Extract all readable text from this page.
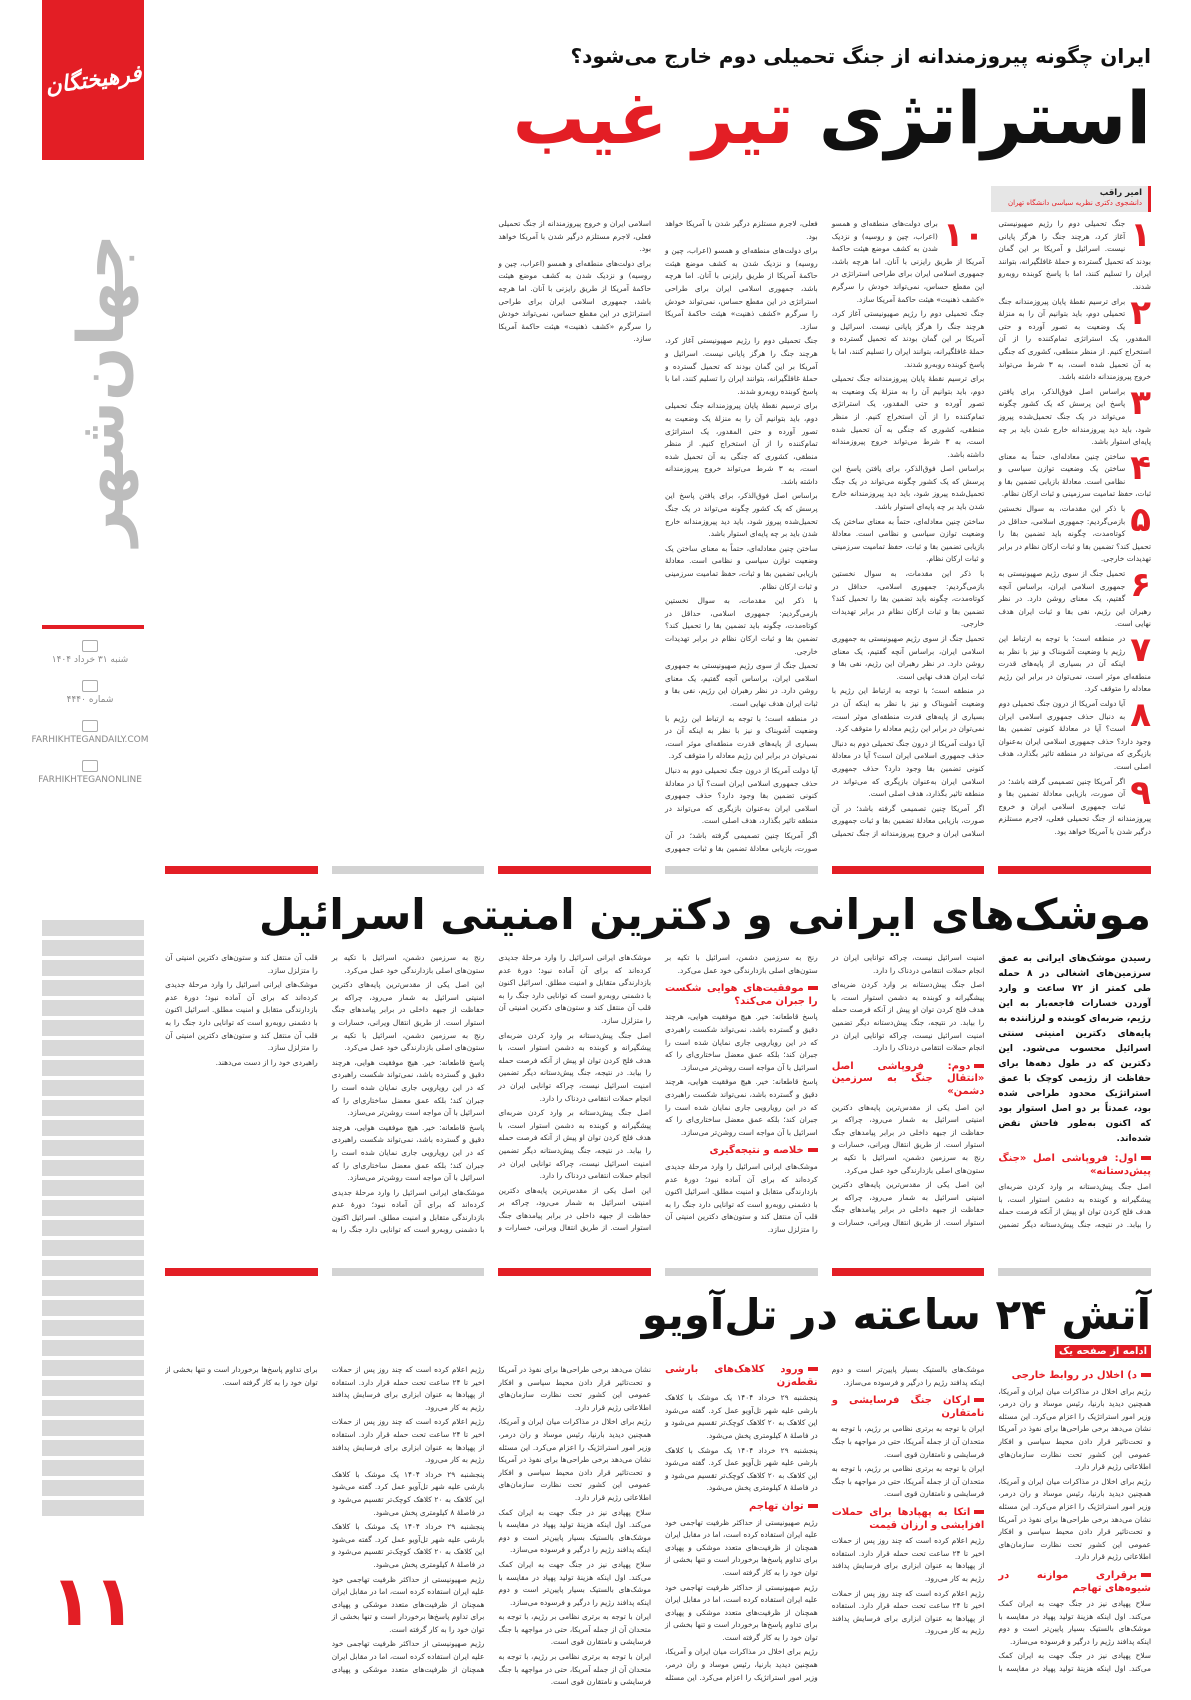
فرهیختگان
جهان‌شهر
شنبه ۳۱ خرداد ۱۴۰۴
شماره ۴۴۴۰
FARHIKHTEGANDAILY.COM
FARHIKHTEGANONLINE
۱۱
ایران چگونه پیروزمندانه از جنگ تحمیلی دوم خارج می‌شود؟
استراتژی تیر غیب
امیر راقب
دانشجوی دکتری نظریه سیاسی دانشگاه تهران

۱
جنگ تحمیلی دوم را رژیم صهیونیستی آغاز کرد، هرچند جنگ را هرگز پایانی نیست. اسرائیل و آمریکا بر این گمان بودند که تحمیل گسترده و حملهٔ غافلگیرانه، بتوانند ایران را تسلیم کنند، اما با پاسخ کوبنده روبه‌رو شدند.

۲
برای ترسیم نقطهٔ پایان پیروزمندانه جنگ تحمیلی دوم، باید بتوانیم آن را به منزلهٔ یک وضعیت به تصور آورده و حتی المقدور، یک استراتژی تمام‌کننده را از آن استخراج کنیم. از منظر منطقی، کشوری که جنگی به آن تحمیل شده است، به ۳ شرط می‌تواند خروج پیروزمندانه داشته باشد.

۳
براساس اصل فوق‌الذکر، برای یافتن پاسخ این پرسش که یک کشور چگونه می‌تواند در یک جنگ تحمیل‌شده پیروز شود، باید دید پیروزمندانه خارج شدن باید بر چه پایه‌ای استوار باشد.

۴
ساختن چنین معادله‌ای، حتماً به معنای ساختن یک وضعیت توازن سیاسی و نظامی است. معادلهٔ بازیابی تضمین بقا و ثبات، حفظ تمامیت سرزمینی و ثبات ارکان نظام.

۵
با ذکر این مقدمات، به سوال نخستین بازمی‌گردیم: جمهوری اسلامی، حداقل در کوتاه‌مدت، چگونه باید تضمین بقا را تحمیل کند؟ تضمین بقا و ثبات ارکان نظام در برابر تهدیدات خارجی.

۶
تحمیل جنگ از سوی رژیم صهیونیستی به جمهوری اسلامی ایران، براساس آنچه گفتیم، یک معنای روشن دارد. در نظر رهبران این رژیم، نفی بقا و ثبات ایران هدف نهایی است.

۷
در منطقه است؛ با توجه به ارتباط این رژیم با وضعیت آشوبناک و نیز با نظر به اینکه آن در بسیاری از پایه‌های قدرت منطقه‌ای موثر است، نمی‌توان در برابر این رژیم معادله را متوقف کرد.

۸
آیا دولت آمریکا از درون جنگ تحمیلی دوم به دنبال حذف جمهوری اسلامی ایران است؟ آیا در معادلهٔ کنونی تضمین بقا وجود دارد؟ حذف جمهوری اسلامی ایران به‌عنوان بازیگری که می‌تواند در منطقه تاثیر بگذارد، هدف اصلی است.

۹
اگر آمریکا چنین تصمیمی گرفته باشد؛ در آن صورت، بازیابی معادلهٔ تضمین بقا و ثبات جمهوری اسلامی ایران و خروج پیروزمندانه از جنگ تحمیلی فعلی، لاجرم مستلزم درگیر شدن با آمریکا خواهد بود.

۱۰
برای دولت‌های منطقه‌ای و همسو (اعراب، چین و روسیه) و نزدیک شدن به کشف موضع هیئت حاکمهٔ آمریکا از طریق رایزنی با آنان. اما هرچه باشد، جمهوری اسلامی ایران برای طراحی استراتژی در این مقطع حساس، نمی‌تواند خودش را سرگرم «کشف ذهنیت» هیئت حاکمهٔ آمریکا سازد.

جنگ تحمیلی دوم را رژیم صهیونیستی آغاز کرد، هرچند جنگ را هرگز پایانی نیست. اسرائیل و آمریکا بر این گمان بودند که تحمیل گسترده و حملهٔ غافلگیرانه، بتوانند ایران را تسلیم کنند، اما با پاسخ کوبنده روبه‌رو شدند.

برای ترسیم نقطهٔ پایان پیروزمندانه جنگ تحمیلی دوم، باید بتوانیم آن را به منزلهٔ یک وضعیت به تصور آورده و حتی المقدور، یک استراتژی تمام‌کننده را از آن استخراج کنیم. از منظر منطقی، کشوری که جنگی به آن تحمیل شده است، به ۳ شرط می‌تواند خروج پیروزمندانه داشته باشد.

براساس اصل فوق‌الذکر، برای یافتن پاسخ این پرسش که یک کشور چگونه می‌تواند در یک جنگ تحمیل‌شده پیروز شود، باید دید پیروزمندانه خارج شدن باید بر چه پایه‌ای استوار باشد.

ساختن چنین معادله‌ای، حتماً به معنای ساختن یک وضعیت توازن سیاسی و نظامی است. معادلهٔ بازیابی تضمین بقا و ثبات، حفظ تمامیت سرزمینی و ثبات ارکان نظام.

با ذکر این مقدمات، به سوال نخستین بازمی‌گردیم: جمهوری اسلامی، حداقل در کوتاه‌مدت، چگونه باید تضمین بقا را تحمیل کند؟ تضمین بقا و ثبات ارکان نظام در برابر تهدیدات خارجی.

تحمیل جنگ از سوی رژیم صهیونیستی به جمهوری اسلامی ایران، براساس آنچه گفتیم، یک معنای روشن دارد. در نظر رهبران این رژیم، نفی بقا و ثبات ایران هدف نهایی است.

در منطقه است؛ با توجه به ارتباط این رژیم با وضعیت آشوبناک و نیز با نظر به اینکه آن در بسیاری از پایه‌های قدرت منطقه‌ای موثر است، نمی‌توان در برابر این رژیم معادله را متوقف کرد.

آیا دولت آمریکا از درون جنگ تحمیلی دوم به دنبال حذف جمهوری اسلامی ایران است؟ آیا در معادلهٔ کنونی تضمین بقا وجود دارد؟ حذف جمهوری اسلامی ایران به‌عنوان بازیگری که می‌تواند در منطقه تاثیر بگذارد، هدف اصلی است.

اگر آمریکا چنین تصمیمی گرفته باشد؛ در آن صورت، بازیابی معادلهٔ تضمین بقا و ثبات جمهوری اسلامی ایران و خروج پیروزمندانه از جنگ تحمیلی فعلی، لاجرم مستلزم درگیر شدن با آمریکا خواهد بود.

برای دولت‌های منطقه‌ای و همسو (اعراب، چین و روسیه) و نزدیک شدن به کشف موضع هیئت حاکمهٔ آمریکا از طریق رایزنی با آنان. اما هرچه باشد، جمهوری اسلامی ایران برای طراحی استراتژی در این مقطع حساس، نمی‌تواند خودش را سرگرم «کشف ذهنیت» هیئت حاکمهٔ آمریکا سازد.

جنگ تحمیلی دوم را رژیم صهیونیستی آغاز کرد، هرچند جنگ را هرگز پایانی نیست. اسرائیل و آمریکا بر این گمان بودند که تحمیل گسترده و حملهٔ غافلگیرانه، بتوانند ایران را تسلیم کنند، اما با پاسخ کوبنده روبه‌رو شدند.

برای ترسیم نقطهٔ پایان پیروزمندانه جنگ تحمیلی دوم، باید بتوانیم آن را به منزلهٔ یک وضعیت به تصور آورده و حتی المقدور، یک استراتژی تمام‌کننده را از آن استخراج کنیم. از منظر منطقی، کشوری که جنگی به آن تحمیل شده است، به ۳ شرط می‌تواند خروج پیروزمندانه داشته باشد.

براساس اصل فوق‌الذکر، برای یافتن پاسخ این پرسش که یک کشور چگونه می‌تواند در یک جنگ تحمیل‌شده پیروز شود، باید دید پیروزمندانه خارج شدن باید بر چه پایه‌ای استوار باشد.

ساختن چنین معادله‌ای، حتماً به معنای ساختن یک وضعیت توازن سیاسی و نظامی است. معادلهٔ بازیابی تضمین بقا و ثبات، حفظ تمامیت سرزمینی و ثبات ارکان نظام.

با ذکر این مقدمات، به سوال نخستین بازمی‌گردیم: جمهوری اسلامی، حداقل در کوتاه‌مدت، چگونه باید تضمین بقا را تحمیل کند؟ تضمین بقا و ثبات ارکان نظام در برابر تهدیدات خارجی.

تحمیل جنگ از سوی رژیم صهیونیستی به جمهوری اسلامی ایران، براساس آنچه گفتیم، یک معنای روشن دارد. در نظر رهبران این رژیم، نفی بقا و ثبات ایران هدف نهایی است.

در منطقه است؛ با توجه به ارتباط این رژیم با وضعیت آشوبناک و نیز با نظر به اینکه آن در بسیاری از پایه‌های قدرت منطقه‌ای موثر است، نمی‌توان در برابر این رژیم معادله را متوقف کرد.

آیا دولت آمریکا از درون جنگ تحمیلی دوم به دنبال حذف جمهوری اسلامی ایران است؟ آیا در معادلهٔ کنونی تضمین بقا وجود دارد؟ حذف جمهوری اسلامی ایران به‌عنوان بازیگری که می‌تواند در منطقه تاثیر بگذارد، هدف اصلی است.

اگر آمریکا چنین تصمیمی گرفته باشد؛ در آن صورت، بازیابی معادلهٔ تضمین بقا و ثبات جمهوری اسلامی ایران و خروج پیروزمندانه از جنگ تحمیلی فعلی، لاجرم مستلزم درگیر شدن با آمریکا خواهد بود.

برای دولت‌های منطقه‌ای و همسو (اعراب، چین و روسیه) و نزدیک شدن به کشف موضع هیئت حاکمهٔ آمریکا از طریق رایزنی با آنان. اما هرچه باشد، جمهوری اسلامی ایران برای طراحی استراتژی در این مقطع حساس، نمی‌تواند خودش را سرگرم «کشف ذهنیت» هیئت حاکمهٔ آمریکا سازد.

موشک‌های ایرانی و دکترین امنیتی اسرائیل

رسیدن موشک‌های ایرانی به عمق سرزمین‌های اشغالی در ۸ حمله طی کمتر از ۷۲ ساعت و وارد آوردن خسارات فاجعه‌بار به این رژیم، ضربه‌ای کوبنده و لرزاننده به پایه‌های دکترین امنیتی سنتی اسرائیل محسوب می‌شود. این دکترین که در طول دهه‌ها برای حفاظت از رژیمی کوچک با عمق استراتژیک محدود طراحی شده بود، عمدتاً بر دو اصل استوار بود که اکنون به‌طور فاحش نقض شده‌اند.

اول: فروپاشی اصل «جنگ پیش‌دستانه»

اصل جنگ پیش‌دستانه بر وارد کردن ضربه‌ای پیشگیرانه و کوبنده به دشمن استوار است، با هدف فلج کردن توان او پیش از آنکه فرصت حمله را بیابد. در نتیجه، جنگ پیش‌دستانه دیگر تضمین امنیت اسرائیل نیست، چراکه توانایی ایران در انجام حملات انتقامی دردناک را دارد.

اصل جنگ پیش‌دستانه بر وارد کردن ضربه‌ای پیشگیرانه و کوبنده به دشمن استوار است، با هدف فلج کردن توان او پیش از آنکه فرصت حمله را بیابد. در نتیجه، جنگ پیش‌دستانه دیگر تضمین امنیت اسرائیل نیست، چراکه توانایی ایران در انجام حملات انتقامی دردناک را دارد.

دوم: فروپاشی اصل «انتقال جنگ به سرزمین دشمن»

این اصل یکی از مقدس‌ترین پایه‌های دکترین امنیتی اسرائیل به شمار می‌رود، چراکه بر حفاظت از جبهه داخلی در برابر پیامدهای جنگ استوار است. از طریق انتقال ویرانی، خسارات و رنج به سرزمین دشمن، اسرائیل با تکیه بر ستون‌های اصلی بازدارندگی خود عمل می‌کرد.

این اصل یکی از مقدس‌ترین پایه‌های دکترین امنیتی اسرائیل به شمار می‌رود، چراکه بر حفاظت از جبهه داخلی در برابر پیامدهای جنگ استوار است. از طریق انتقال ویرانی، خسارات و رنج به سرزمین دشمن، اسرائیل با تکیه بر ستون‌های اصلی بازدارندگی خود عمل می‌کرد.

موفقیت‌های هوایی شکست را جبران می‌کند؟

پاسخ قاطعانه: خیر. هیچ موفقیت هوایی، هرچند دقیق و گسترده باشد، نمی‌تواند شکست راهبردی که در این رویارویی جاری نمایان شده است را جبران کند؛ بلکه عمق معضل ساختاری‌ای را که اسرائیل با آن مواجه است روشن‌تر می‌سازد.

پاسخ قاطعانه: خیر. هیچ موفقیت هوایی، هرچند دقیق و گسترده باشد، نمی‌تواند شکست راهبردی که در این رویارویی جاری نمایان شده است را جبران کند؛ بلکه عمق معضل ساختاری‌ای را که اسرائیل با آن مواجه است روشن‌تر می‌سازد.

خلاصه و نتیجه‌گیری

موشک‌های ایرانی اسرائیل را وارد مرحلهٔ جدیدی کرده‌اند که برای آن آماده نبود؛ دورهٔ عدم بازدارندگی متقابل و امنیت مطلق. اسرائیل اکنون با دشمنی روبه‌رو است که توانایی دارد جنگ را به قلب آن منتقل کند و ستون‌های دکترین امنیتی آن را متزلزل سازد.

موشک‌های ایرانی اسرائیل را وارد مرحلهٔ جدیدی کرده‌اند که برای آن آماده نبود؛ دورهٔ عدم بازدارندگی متقابل و امنیت مطلق. اسرائیل اکنون با دشمنی روبه‌رو است که توانایی دارد جنگ را به قلب آن منتقل کند و ستون‌های دکترین امنیتی آن را متزلزل سازد.

اصل جنگ پیش‌دستانه بر وارد کردن ضربه‌ای پیشگیرانه و کوبنده به دشمن استوار است، با هدف فلج کردن توان او پیش از آنکه فرصت حمله را بیابد. در نتیجه، جنگ پیش‌دستانه دیگر تضمین امنیت اسرائیل نیست، چراکه توانایی ایران در انجام حملات انتقامی دردناک را دارد.

اصل جنگ پیش‌دستانه بر وارد کردن ضربه‌ای پیشگیرانه و کوبنده به دشمن استوار است، با هدف فلج کردن توان او پیش از آنکه فرصت حمله را بیابد. در نتیجه، جنگ پیش‌دستانه دیگر تضمین امنیت اسرائیل نیست، چراکه توانایی ایران در انجام حملات انتقامی دردناک را دارد.

این اصل یکی از مقدس‌ترین پایه‌های دکترین امنیتی اسرائیل به شمار می‌رود، چراکه بر حفاظت از جبهه داخلی در برابر پیامدهای جنگ استوار است. از طریق انتقال ویرانی، خسارات و رنج به سرزمین دشمن، اسرائیل با تکیه بر ستون‌های اصلی بازدارندگی خود عمل می‌کرد.

این اصل یکی از مقدس‌ترین پایه‌های دکترین امنیتی اسرائیل به شمار می‌رود، چراکه بر حفاظت از جبهه داخلی در برابر پیامدهای جنگ استوار است. از طریق انتقال ویرانی، خسارات و رنج به سرزمین دشمن، اسرائیل با تکیه بر ستون‌های اصلی بازدارندگی خود عمل می‌کرد.

پاسخ قاطعانه: خیر. هیچ موفقیت هوایی، هرچند دقیق و گسترده باشد، نمی‌تواند شکست راهبردی که در این رویارویی جاری نمایان شده است را جبران کند؛ بلکه عمق معضل ساختاری‌ای را که اسرائیل با آن مواجه است روشن‌تر می‌سازد.

پاسخ قاطعانه: خیر. هیچ موفقیت هوایی، هرچند دقیق و گسترده باشد، نمی‌تواند شکست راهبردی که در این رویارویی جاری نمایان شده است را جبران کند؛ بلکه عمق معضل ساختاری‌ای را که اسرائیل با آن مواجه است روشن‌تر می‌سازد.

موشک‌های ایرانی اسرائیل را وارد مرحلهٔ جدیدی کرده‌اند که برای آن آماده نبود؛ دورهٔ عدم بازدارندگی متقابل و امنیت مطلق. اسرائیل اکنون با دشمنی روبه‌رو است که توانایی دارد جنگ را به قلب آن منتقل کند و ستون‌های دکترین امنیتی آن را متزلزل سازد.

موشک‌های ایرانی اسرائیل را وارد مرحلهٔ جدیدی کرده‌اند که برای آن آماده نبود؛ دورهٔ عدم بازدارندگی متقابل و امنیت مطلق. اسرائیل اکنون با دشمنی روبه‌رو است که توانایی دارد جنگ را به قلب آن منتقل کند و ستون‌های دکترین امنیتی آن را متزلزل سازد.

راهبردی خود را از دست می‌دهند.

آتش ۲۴ ساعته در تل‌آویو
ادامه از صفحه یک
د) اخلال در روابط خارجی

رژیم برای اخلال در مذاکرات میان ایران و آمریکا، همچنین دیدید بارنیا، رئیس موساد و ران درمر، وزیر امور استراتژیک را اعزام می‌کرد. این مسئله نشان می‌دهد برخی طراحی‌ها برای نفوذ در آمریکا و تحت‌تاثیر قرار دادن محیط سیاسی و افکار عمومی این کشور تحت نظارت سازمان‌های اطلاعاتی رژیم قرار دارد.

رژیم برای اخلال در مذاکرات میان ایران و آمریکا، همچنین دیدید بارنیا، رئیس موساد و ران درمر، وزیر امور استراتژیک را اعزام می‌کرد. این مسئله نشان می‌دهد برخی طراحی‌ها برای نفوذ در آمریکا و تحت‌تاثیر قرار دادن محیط سیاسی و افکار عمومی این کشور تحت نظارت سازمان‌های اطلاعاتی رژیم قرار دارد.

برقراری موازنه در شیوه‌های تهاجم

سلاح پهپادی نیز در جنگ جهت به ایران کمک می‌کند. اول اینکه هزینهٔ تولید پهپاد در مقایسه با موشک‌های بالستیک بسیار پایین‌تر است و دوم اینکه پدافند رژیم را درگیر و فرسوده می‌سازد.

سلاح پهپادی نیز در جنگ جهت به ایران کمک می‌کند. اول اینکه هزینهٔ تولید پهپاد در مقایسه با موشک‌های بالستیک بسیار پایین‌تر است و دوم اینکه پدافند رژیم را درگیر و فرسوده می‌سازد.

ارکان جنگ فرسایشی و نامتقارن

ایران با توجه به برتری نظامی بر رژیم، با توجه به متحدان آن از جمله آمریکا، حتی در مواجهه با جنگ فرسایشی و نامتقارن قوی است.

ایران با توجه به برتری نظامی بر رژیم، با توجه به متحدان آن از جمله آمریکا، حتی در مواجهه با جنگ فرسایشی و نامتقارن قوی است.

اتکا به پهپادها برای حملات افزایشی و ارزان قیمت

رژیم اعلام کرده است که چند روز پس از حملات اخیر تا ۲۴ ساعت تحت حمله قرار دارد. استفاده از پهپادها به عنوان ابزاری برای فرسایش پدافند رژیم به کار می‌رود.

رژیم اعلام کرده است که چند روز پس از حملات اخیر تا ۲۴ ساعت تحت حمله قرار دارد. استفاده از پهپادها به عنوان ابزاری برای فرسایش پدافند رژیم به کار می‌رود.

ورود کلاهک‌های بارشی نقطه‌زن

پنجشنبه ۲۹ خرداد ۱۴۰۴ یک موشک با کلاهک بارشی علیه شهر تل‌آویو عمل کرد. گفته می‌شود این کلاهک به ۲۰ کلاهک کوچک‌تر تقسیم می‌شود و در فاصلهٔ ۸ کیلومتری پخش می‌شود.

پنجشنبه ۲۹ خرداد ۱۴۰۴ یک موشک با کلاهک بارشی علیه شهر تل‌آویو عمل کرد. گفته می‌شود این کلاهک به ۲۰ کلاهک کوچک‌تر تقسیم می‌شود و در فاصلهٔ ۸ کیلومتری پخش می‌شود.

توان تهاجم

رژیم صهیونیستی از حداکثر ظرفیت تهاجمی خود علیه ایران استفاده کرده است، اما در مقابل ایران همچنان از ظرفیت‌های متعدد موشکی و پهپادی برای تداوم پاسخ‌ها برخوردار است و تنها بخشی از توان خود را به کار گرفته است.

رژیم صهیونیستی از حداکثر ظرفیت تهاجمی خود علیه ایران استفاده کرده است، اما در مقابل ایران همچنان از ظرفیت‌های متعدد موشکی و پهپادی برای تداوم پاسخ‌ها برخوردار است و تنها بخشی از توان خود را به کار گرفته است.

رژیم برای اخلال در مذاکرات میان ایران و آمریکا، همچنین دیدید بارنیا، رئیس موساد و ران درمر، وزیر امور استراتژیک را اعزام می‌کرد. این مسئله نشان می‌دهد برخی طراحی‌ها برای نفوذ در آمریکا و تحت‌تاثیر قرار دادن محیط سیاسی و افکار عمومی این کشور تحت نظارت سازمان‌های اطلاعاتی رژیم قرار دارد.

رژیم برای اخلال در مذاکرات میان ایران و آمریکا، همچنین دیدید بارنیا، رئیس موساد و ران درمر، وزیر امور استراتژیک را اعزام می‌کرد. این مسئله نشان می‌دهد برخی طراحی‌ها برای نفوذ در آمریکا و تحت‌تاثیر قرار دادن محیط سیاسی و افکار عمومی این کشور تحت نظارت سازمان‌های اطلاعاتی رژیم قرار دارد.

سلاح پهپادی نیز در جنگ جهت به ایران کمک می‌کند. اول اینکه هزینهٔ تولید پهپاد در مقایسه با موشک‌های بالستیک بسیار پایین‌تر است و دوم اینکه پدافند رژیم را درگیر و فرسوده می‌سازد.

سلاح پهپادی نیز در جنگ جهت به ایران کمک می‌کند. اول اینکه هزینهٔ تولید پهپاد در مقایسه با موشک‌های بالستیک بسیار پایین‌تر است و دوم اینکه پدافند رژیم را درگیر و فرسوده می‌سازد.

ایران با توجه به برتری نظامی بر رژیم، با توجه به متحدان آن از جمله آمریکا، حتی در مواجهه با جنگ فرسایشی و نامتقارن قوی است.

ایران با توجه به برتری نظامی بر رژیم، با توجه به متحدان آن از جمله آمریکا، حتی در مواجهه با جنگ فرسایشی و نامتقارن قوی است.

رژیم اعلام کرده است که چند روز پس از حملات اخیر تا ۲۴ ساعت تحت حمله قرار دارد. استفاده از پهپادها به عنوان ابزاری برای فرسایش پدافند رژیم به کار می‌رود.

رژیم اعلام کرده است که چند روز پس از حملات اخیر تا ۲۴ ساعت تحت حمله قرار دارد. استفاده از پهپادها به عنوان ابزاری برای فرسایش پدافند رژیم به کار می‌رود.

پنجشنبه ۲۹ خرداد ۱۴۰۴ یک موشک با کلاهک بارشی علیه شهر تل‌آویو عمل کرد. گفته می‌شود این کلاهک به ۲۰ کلاهک کوچک‌تر تقسیم می‌شود و در فاصلهٔ ۸ کیلومتری پخش می‌شود.

پنجشنبه ۲۹ خرداد ۱۴۰۴ یک موشک با کلاهک بارشی علیه شهر تل‌آویو عمل کرد. گفته می‌شود این کلاهک به ۲۰ کلاهک کوچک‌تر تقسیم می‌شود و در فاصلهٔ ۸ کیلومتری پخش می‌شود.

رژیم صهیونیستی از حداکثر ظرفیت تهاجمی خود علیه ایران استفاده کرده است، اما در مقابل ایران همچنان از ظرفیت‌های متعدد موشکی و پهپادی برای تداوم پاسخ‌ها برخوردار است و تنها بخشی از توان خود را به کار گرفته است.

رژیم صهیونیستی از حداکثر ظرفیت تهاجمی خود علیه ایران استفاده کرده است، اما در مقابل ایران همچنان از ظرفیت‌های متعدد موشکی و پهپادی برای تداوم پاسخ‌ها برخوردار است و تنها بخشی از توان خود را به کار گرفته است.
